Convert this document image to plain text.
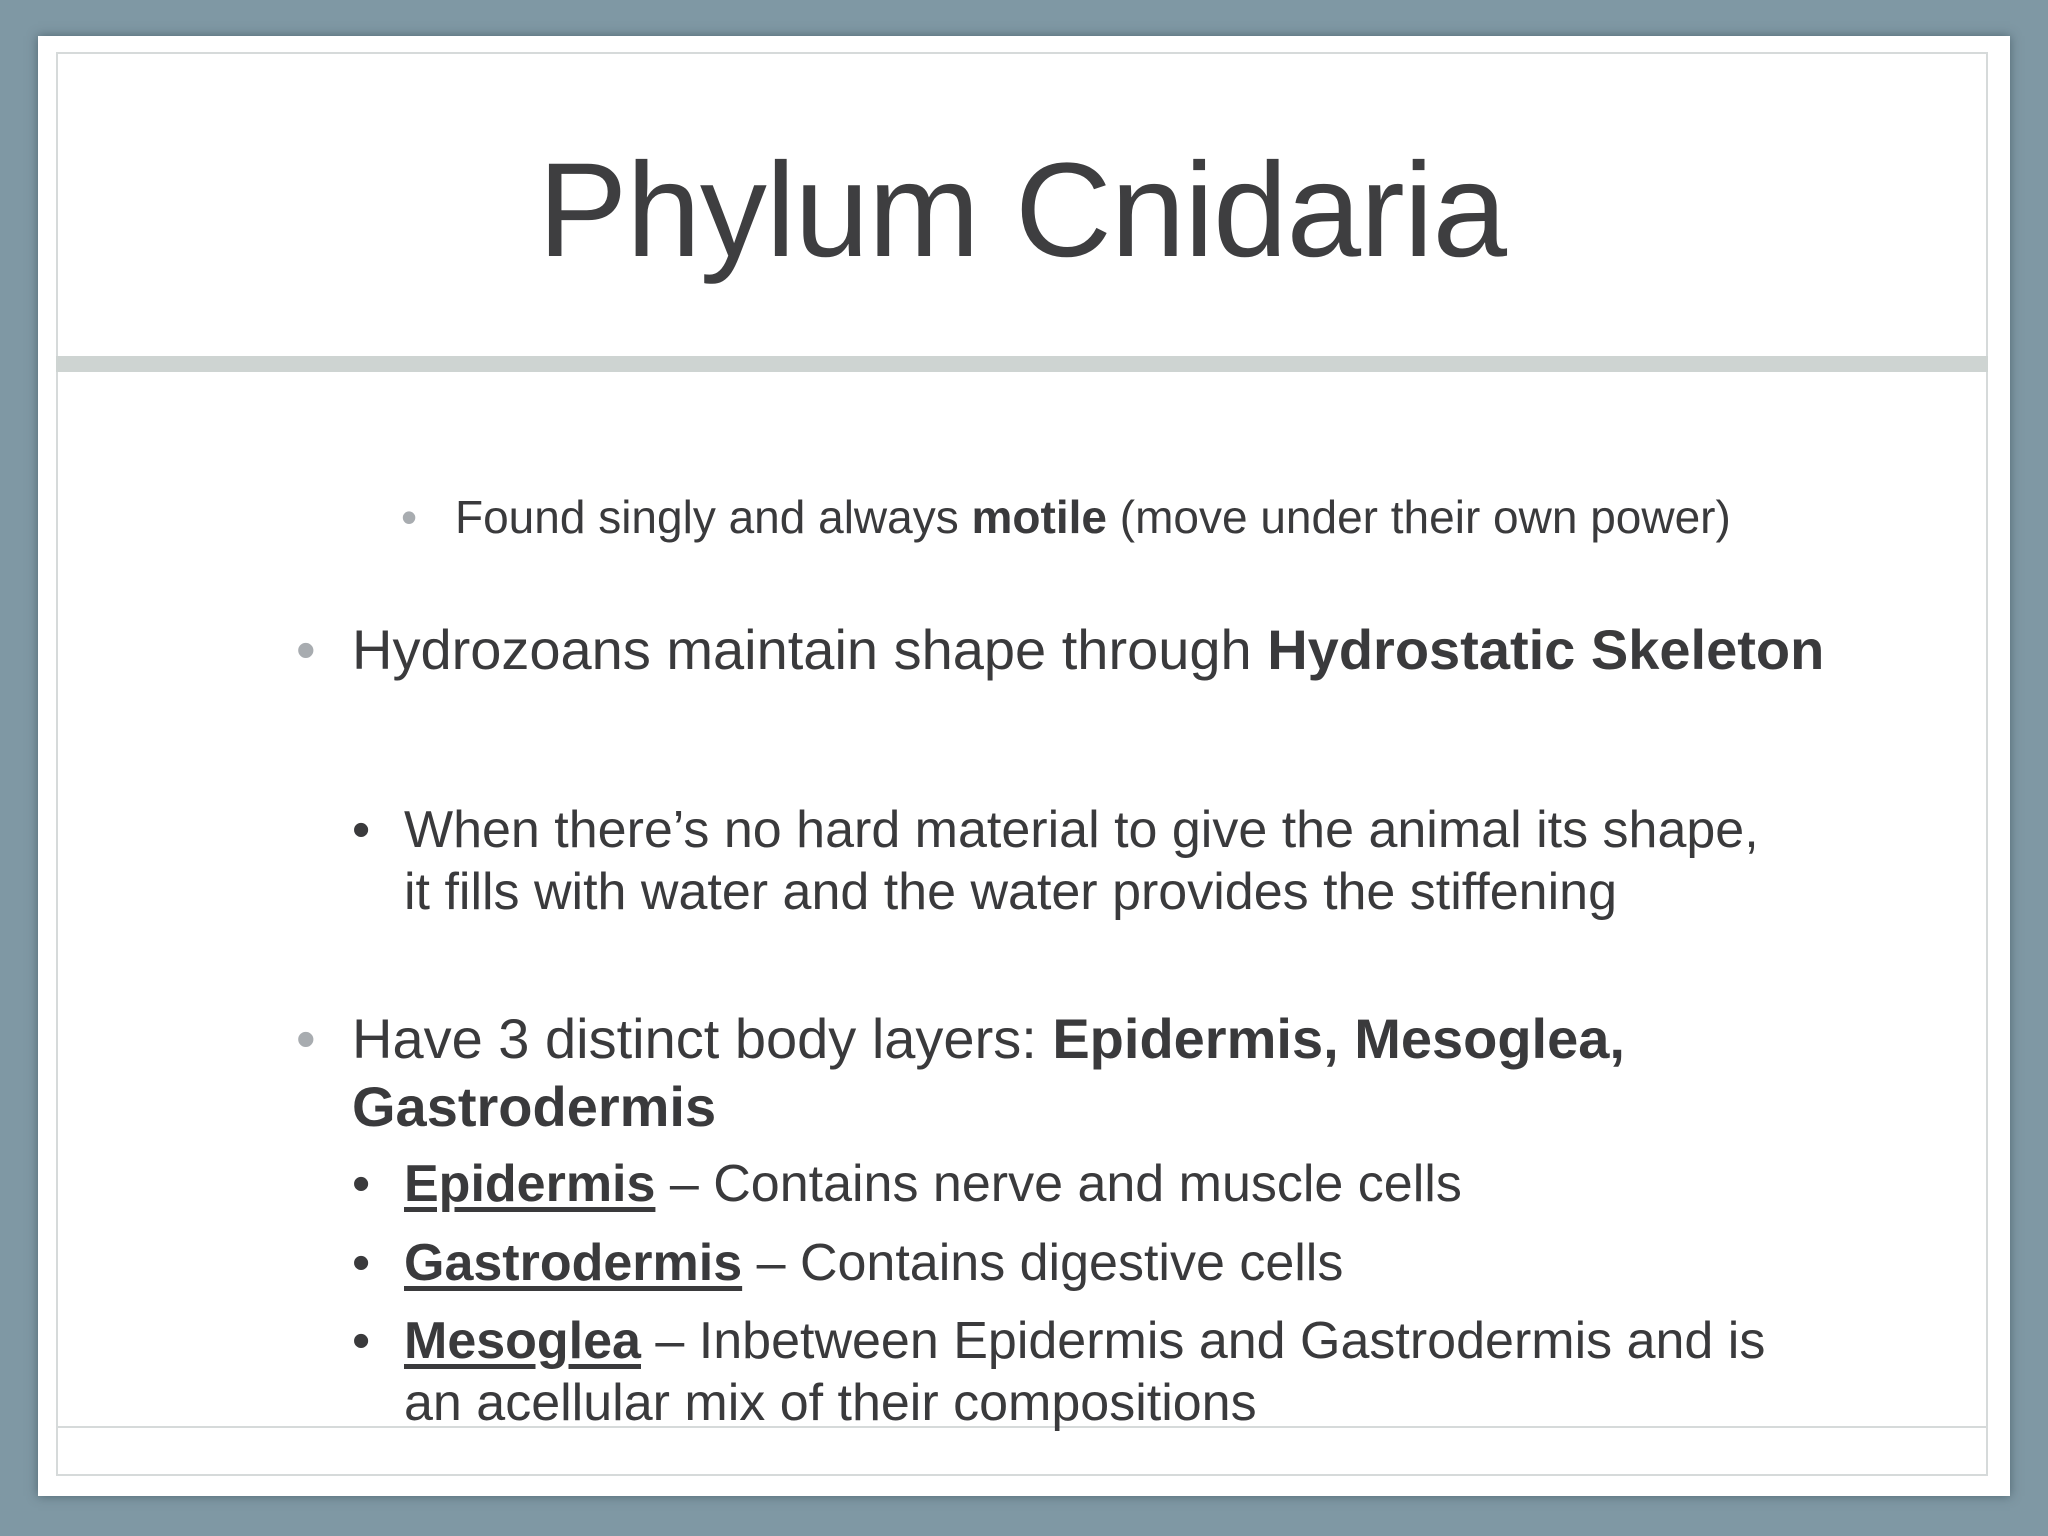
Phylum Cnidaria
• Found singly and always motile (move under their own power)
• Hydrozoans maintain shape through Hydrostatic Skeleton
• When there’s no hard material to give the animal its shape, it fills with water and the water provides the stiffening
• Have 3 distinct body layers: Epidermis, Mesoglea, Gastrodermis
• Epidermis – Contains nerve and muscle cells
• Gastrodermis – Contains digestive cells
• Mesoglea – Inbetween Epidermis and Gastrodermis and is an acellular mix of their compositions
